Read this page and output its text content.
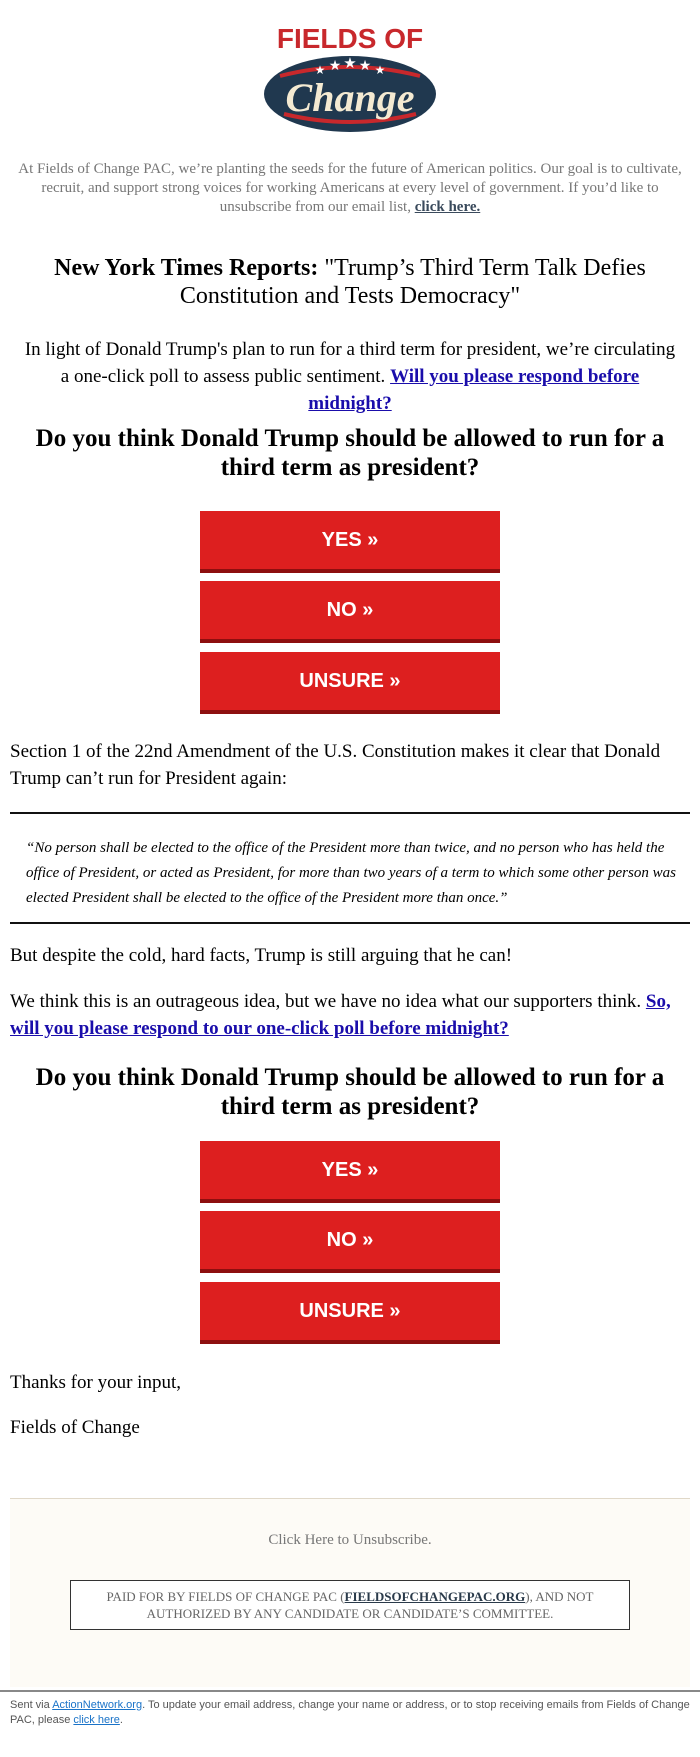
FIELDS OF
★ ★ ★ ★ ★
Change
At Fields of Change PAC, we’re planting the seeds for the future of American politics. Our goal is to cultivate, recruit, and support strong voices for working Americans at every level of government. If you’d like to unsubscribe from our email list, click here.
New York Times Reports: "Trump’s Third Term Talk Defies Constitution and Tests Democracy"
In light of Donald Trump's plan to run for a third term for president, we’re circulating a one-click poll to assess public sentiment. Will you please respond before midnight?
Do you think Donald Trump should be allowed to run for a third term as president?
YES »
NO »
UNSURE »
Section 1 of the 22nd Amendment of the U.S. Constitution makes it clear that Donald Trump can’t run for President again:
“No person shall be elected to the office of the President more than twice, and no person who has held the office of President, or acted as President, for more than two years of a term to which some other person was elected President shall be elected to the office of the President more than once.”
But despite the cold, hard facts, Trump is still arguing that he can!
We think this is an outrageous idea, but we have no idea what our supporters think. So, will you please respond to our one-click poll before midnight?
Do you think Donald Trump should be allowed to run for a third term as president?
YES »
NO »
UNSURE »
Thanks for your input,
Fields of Change
Click Here to Unsubscribe.
PAID FOR BY FIELDS OF CHANGE PAC (FIELDSOFCHANGEPAC.ORG), AND NOT AUTHORIZED BY ANY CANDIDATE OR CANDIDATE’S COMMITTEE.
Sent via ActionNetwork.org. To update your email address, change your name or address, or to stop receiving emails from Fields of Change PAC, please click here.
